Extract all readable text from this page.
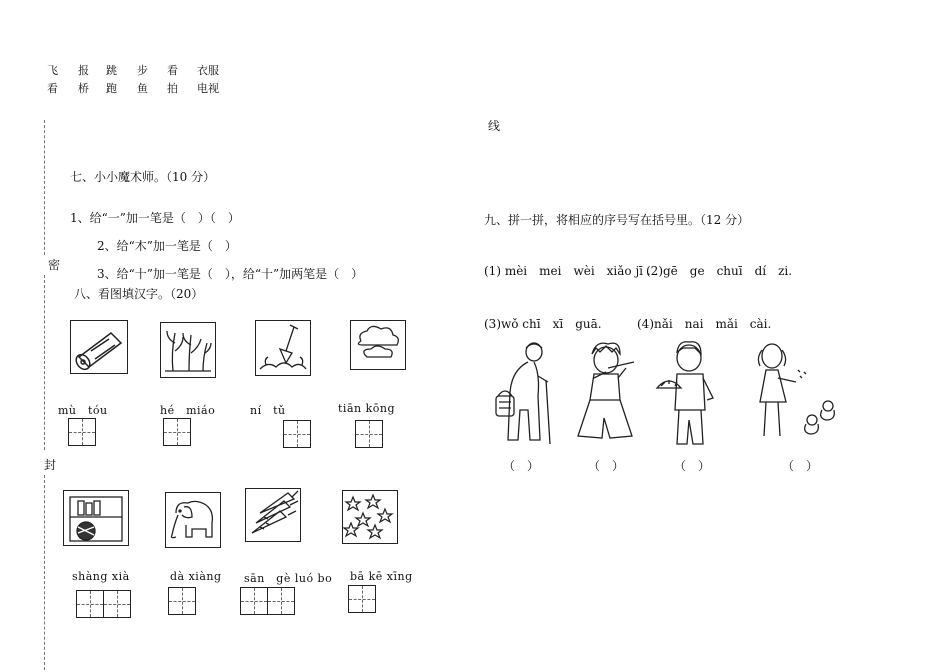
飞 报 跳 步 看 衣服
看 桥 跑 鱼 拍 电视
线
密
封
七、小小魔术师。（10 分）
1、给“一”加一笔是（　）（　）
2、给“木”加一笔是（　）
3、给“十”加一笔是（　），给“十”加两笔是（　）
八、看图填汉字。（20）
mù　tóu	hé　miáo	ní　tǔ	tiān kōng
shàng xià	dà xiàng sān　gè luó bo bā kē xīng
九、拼一拼，将相应的序号写在括号里。（12 分）
(1) mèi　mei　wèi　xiǎo jī .
(2)gē　ge　chuī　dí　zi.
(3)wǒ chī　xī　guā.	(4)nǎi　nai　mǎi　cài.
（　）	（　）	（　）	（　）
